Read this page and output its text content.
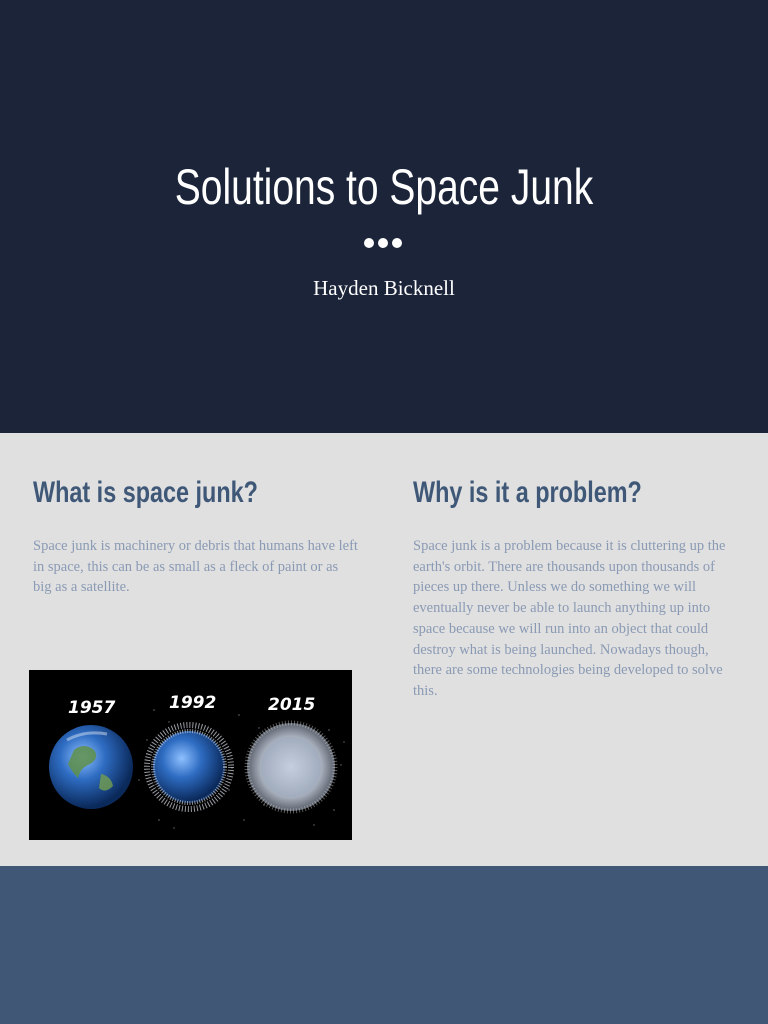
Solutions to Space Junk
Hayden Bicknell
What is space junk?

Space junk is machinery or debris that humans have left in space, this can be as small as a fleck of paint or as big as a satellite.

Why is it a problem?

Space junk is a problem because it is cluttering up the earth's orbit. There are thousands upon thousands of pieces up there. Unless we do something we will eventually never be able to launch anything up into space because we will run into an object that could destroy what is being launched. Nowadays though, there are some technologies being developed to solve this.

1957	1992	2015
